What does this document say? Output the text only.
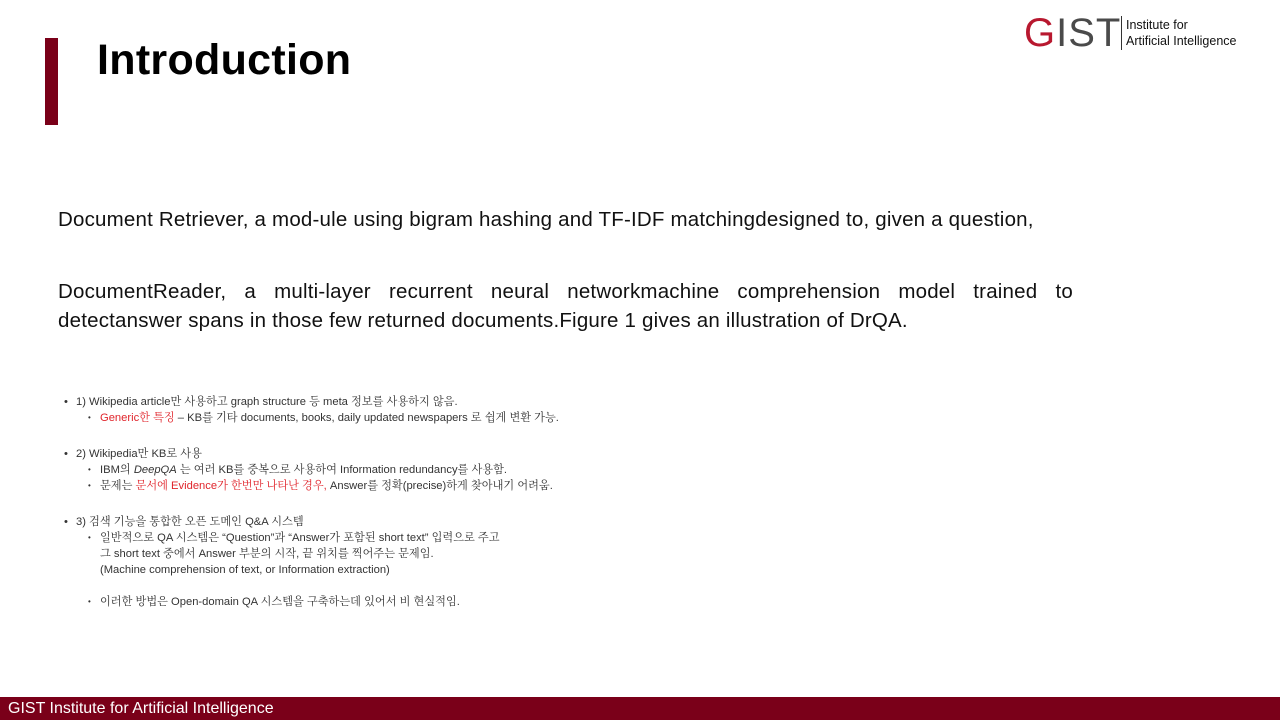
Introduction
GIST Institute for
Artificial Intelligence
Document Retriever, a mod-ule using bigram hashing and TF-IDF matchingdesigned to, given a question,
DocumentReader, a multi-layer recurrent neural networkmachine comprehension model trained to detectanswer spans in those few returned documents.Figure 1 gives an illustration of DrQA.
• 1) Wikipedia article만 사용하고 graph structure 등 meta 정보를 사용하지 않음.
• Generic한 특징 – KB를 기타 documents, books, daily updated newspapers 로 쉽게 변환 가능.
• 2) Wikipedia만 KB로 사용
• IBM의 DeepQA 는 여러 KB를 중복으로 사용하여 Information redundancy를 사용함.
• 문제는 문서에 Evidence가 한번만 나타난 경우, Answer를 정확(precise)하게 찾아내기 어려움.
• 3) 검색 기능을 통합한 오픈 도메인 Q&A 시스템
• 일반적으로 QA 시스템은 “Question”과 “Answer가 포함된 short text” 입력으로 주고
그 short text 중에서 Answer 부분의 시작, 끝 위치를 찍어주는 문제임.
(Machine comprehension of text, or Information extraction)
• 이러한 방법은 Open-domain QA 시스템을 구축하는데 있어서 비 현실적임.
GIST Institute for Artificial Intelligence
